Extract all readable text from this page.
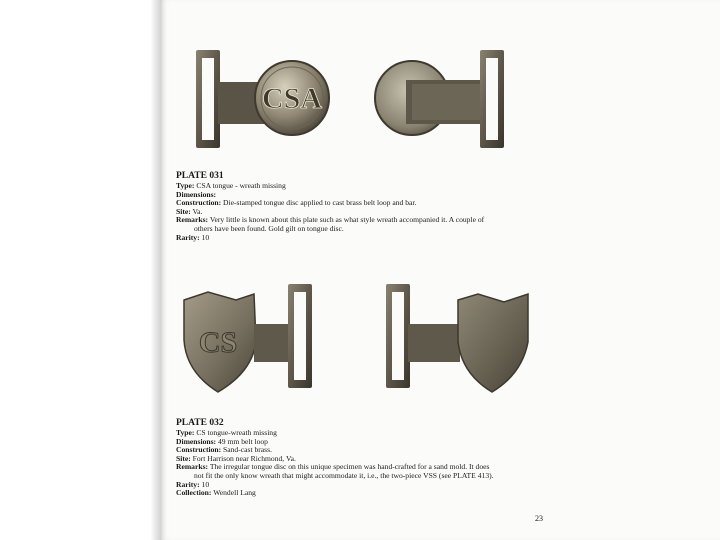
CSA
PLATE 031
Type: CSA tongue - wreath missing
Dimensions:
Construction: Die-stamped tongue disc applied to cast brass belt loop and bar.
Site: Va.
Remarks: Very little is known about this plate such as what style wreath accompanied it. A couple of
others have been found. Gold gilt on tongue disc.
Rarity: 10
CS
PLATE 032
Type: CS tongue-wreath missing
Dimensions: 49 mm belt loop
Construction: Sand-cast brass.
Site: Fort Harrison near Richmond, Va.
Remarks: The irregular tongue disc on this unique specimen was hand-crafted for a sand mold. It does
not fit the only know wreath that might accommodate it, i.e., the two-piece VSS (see PLATE 413).
Rarity: 10
Collection: Wendell Lang
23
